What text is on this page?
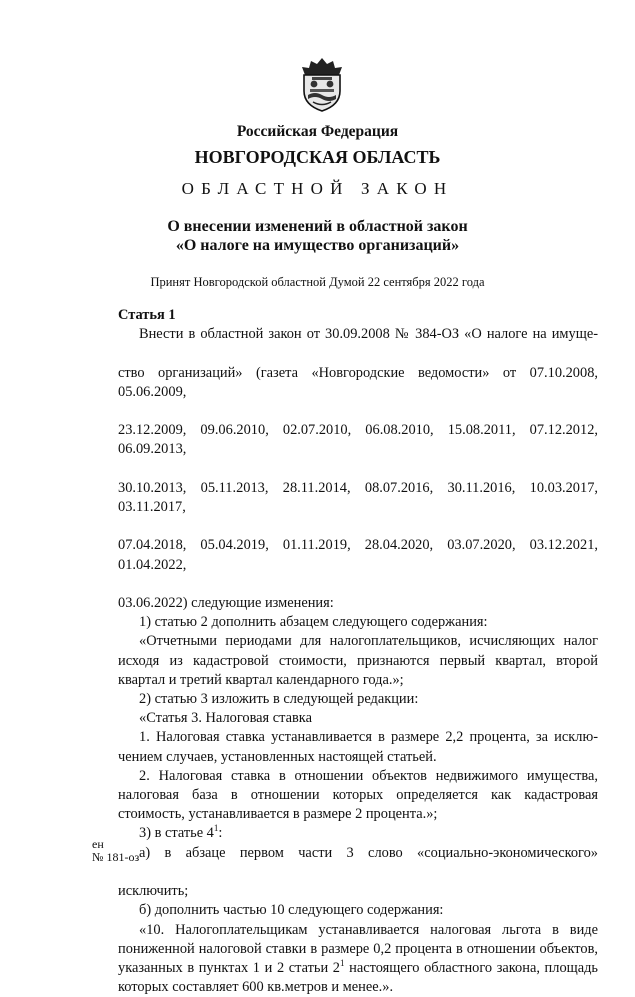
Российская Федерация
НОВГОРОДСКАЯ ОБЛАСТЬ
ОБЛАСТНОЙ ЗАКОН
О внесении изменений в областной закон
«О налоге на имущество организаций»
Принят Новгородской областной Думой 22 сентября 2022 года

Статья 1

Внести в областной закон от 30.09.2008 № 384-ОЗ «О налоге на имуще-

ство организаций» (газета «Новгородские ведомости» от 07.10.2008, 05.06.2009,

23.12.2009, 09.06.2010, 02.07.2010, 06.08.2010, 15.08.2011, 07.12.2012, 06.09.2013,

30.10.2013, 05.11.2013, 28.11.2014, 08.07.2016, 30.11.2016, 10.03.2017, 03.11.2017,

07.04.2018, 05.04.2019, 01.11.2019, 28.04.2020, 03.07.2020, 03.12.2021, 01.04.2022,

03.06.2022) следующие изменения:

1) статью 2 дополнить абзацем следующего содержания:

«Отчетными периодами для налогоплательщиков, исчисляющих налог исходя из кадастровой стоимости, признаются первый квартал, второй квартал и третий квартал календарного года.»;

2) статью 3 изложить в следующей редакции:

«Статья 3. Налоговая ставка

1. Налоговая ставка устанавливается в размере 2,2 процента, за исклю-чением случаев, установленных настоящей статьей.

2. Налоговая ставка в отношении объектов недвижимого имущества, налоговая база в отношении которых определяется как кадастровая стоимость, устанавливается в размере 2 процента.»;

3) в статье $4^1$:

а) в абзаце первом части 3 слово «социально-экономического»

исключить;

б) дополнить частью 10 следующего содержания:

«10. Налогоплательщикам устанавливается налоговая льгота в виде пониженной налоговой ставки в размере 0,2 процента в отношении объектов, указанных в пунктах 1 и 2 статьи $2^1$ настоящего областного закона, площадь которых составляет 600 кв.метров и менее.».

ен
№ 181-оз
